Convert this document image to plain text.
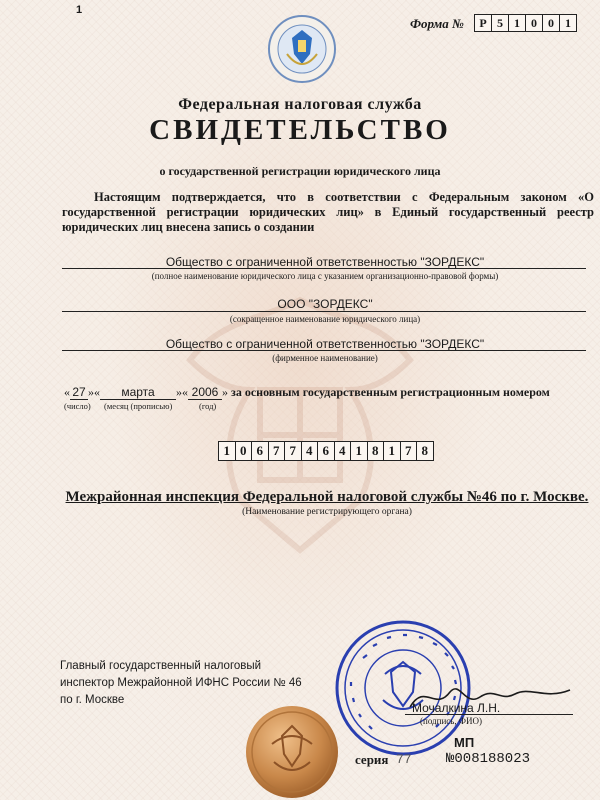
1
Форма №	Р 5 1 0 0 1
Федеральная налоговая служба
СВИДЕТЕЛЬСТВО
о государственной регистрации юридического лица
Настоящим подтверждается, что в соответствии с Федеральным законом «О государственной регистрации юридических лиц» в Единый государственный реестр юридических лиц внесена запись о создании
Общество с ограниченной ответственностью "ЗОРДЕКС"
(полное наименование юридического лица с указанием организационно-правовой формы)
ООО "ЗОРДЕКС"
(сокращенное наименование юридического лица)
Общество с ограниченной ответственностью "ЗОРДЕКС"
(фирменное наименование)
« 27 »« марта »« 2006 » за основным государственным регистрационным номером
(число) (месяц (прописью)	(год)
1 0 6 7 7 4 6 4 1 8 1 7 8
Межрайонная инспекция Федеральной налоговой службы №46 по г. Москве.
(Наименование регистрирующего органа)
Главный государственный налоговый
инспектор Межрайонной ИФНС России № 46
по г. Москве
Мочалкина Л.Н.
(подпись, ФИО)
МП
серия 77 №008188023
